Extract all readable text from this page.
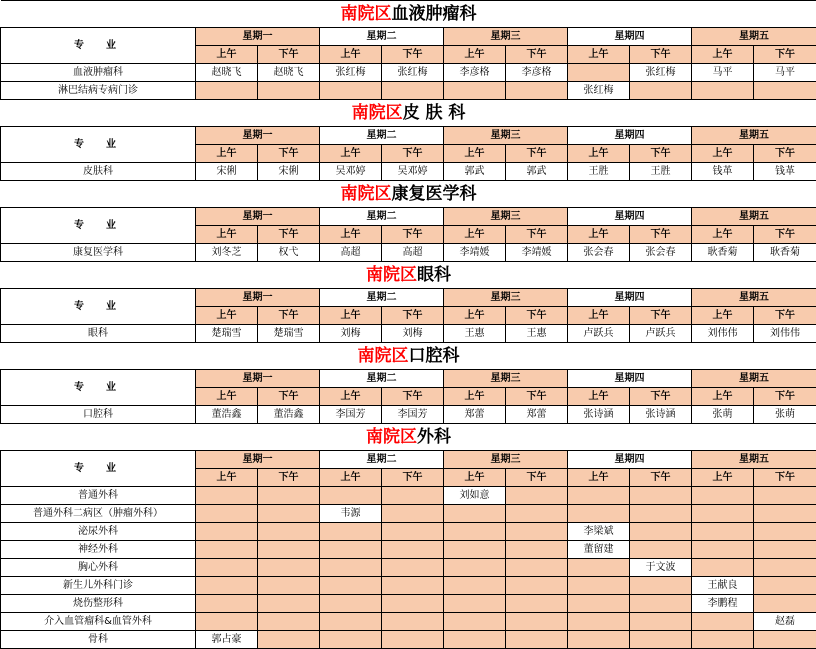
南院区血液肿瘤科										
专　业	星期一		星期二		星期三		星期四		星期五	
	上午	下午	上午	下午	上午	下午	上午	下午	上午	下午
血液肿瘤科	赵晓飞	赵晓飞	张红梅	张红梅	李彦格	李彦格		张红梅	马平	马平
淋巴结病专病门诊							张红梅			
南院区皮 肤 科										
专　业	星期一		星期二		星期三		星期四		星期五	
	上午	下午	上午	下午	上午	下午	上午	下午	上午	下午
皮肤科	宋俐	宋俐	吴邓婷	吴邓婷	郭武	郭武	王胜	王胜	钱革	钱革
南院区康复医学科										
专　业	星期一		星期二		星期三		星期四		星期五	
	上午	下午	上午	下午	上午	下午	上午	下午	上午	下午
康复医学科	刘冬芝	权弋	高超	高超	李靖媛	李靖媛	张会春	张会春	耿香菊	耿香菊
南院区眼科										
专　业	星期一		星期二		星期三		星期四		星期五	
	上午	下午	上午	下午	上午	下午	上午	下午	上午	下午
眼科	楚瑞雪	楚瑞雪	刘梅	刘梅	王惠	王惠	卢跃兵	卢跃兵	刘伟伟	刘伟伟
南院区口腔科										
专　业	星期一		星期二		星期三		星期四		星期五	
	上午	下午	上午	下午	上午	下午	上午	下午	上午	下午
口腔科	董浩鑫	董浩鑫	李国芳	李国芳	郑蕾	郑蕾	张诗涵	张诗涵	张萌	张萌
南院区外科										
专　业	星期一		星期二		星期三		星期四		星期五	
	上午	下午	上午	下午	上午	下午	上午	下午	上午	下午
普通外科					刘如意					
普通外科二病区（肿瘤外科）			韦源							
泌尿外科							李梁斌			
神经外科							董留建			
胸心外科								于文波		
新生儿外科门诊									王献良	
烧伤整形科									李鹏程	
介入血管瘤科&血管外科										赵磊
骨科	郭占豪									
